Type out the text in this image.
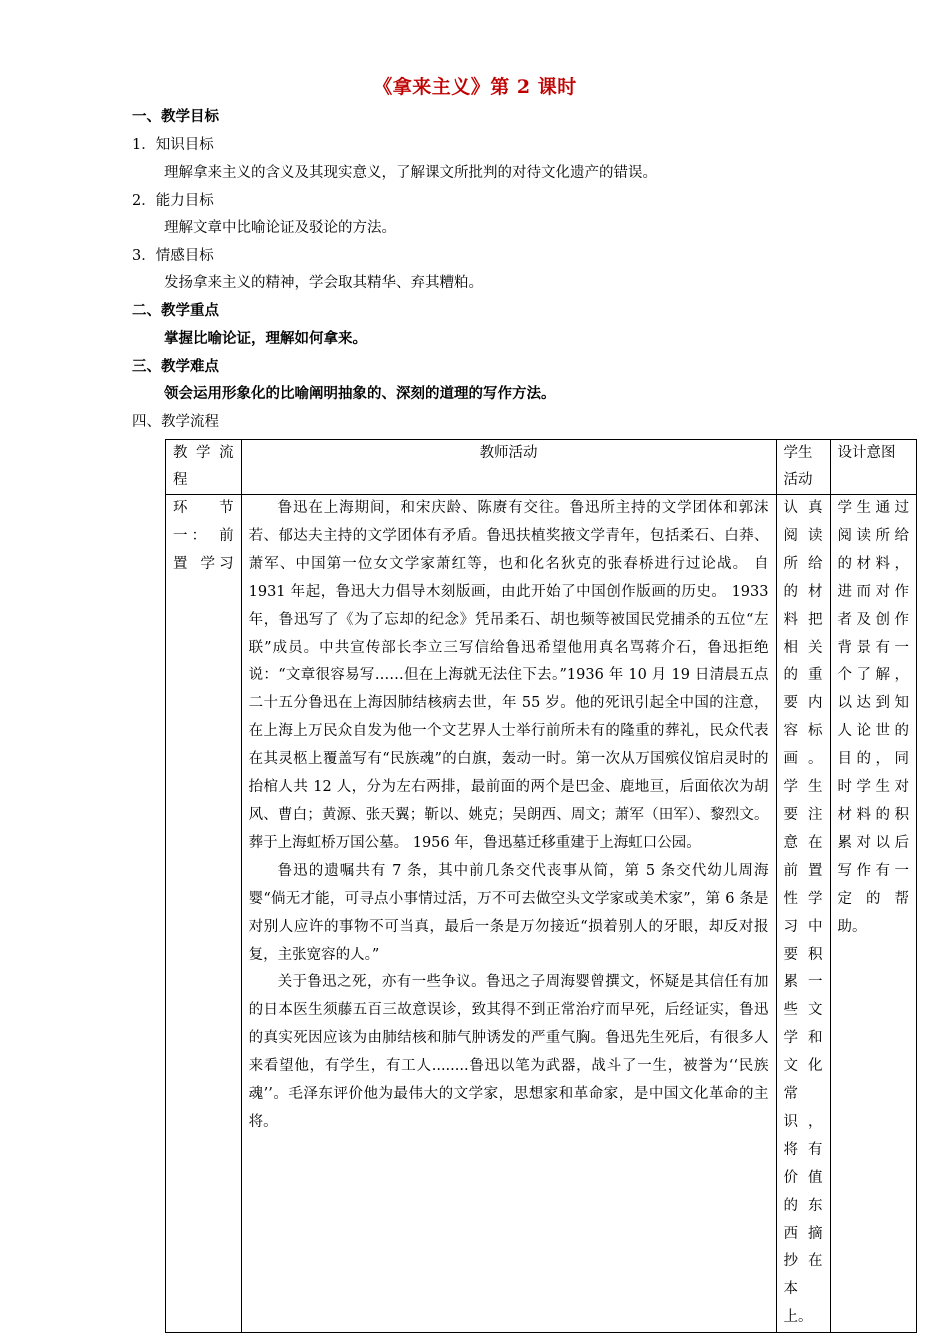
《拿来主义》第 2 课时
一、教学目标
1．知识目标
理解拿来主义的含义及其现实意义，了解课文所批判的对待文化遗产的错误。
2．能力目标
理解文章中比喻论证及驳论的方法。
3．情感目标
发扬拿来主义的精神，学会取其精华、弃其糟粕。
二、教学重点
掌握比喻论证，理解如何拿来。
三、教学难点
领会运用形象化的比喻阐明抽象的、深刻的道理的写作方法。
四、教学流程
教 学 流 程	教师活动	学生活动	设计意图

环 节 一： 前置 学习	鲁迅在上海期间，和宋庆龄、陈赓有交往。鲁迅所主持的文学团体和郭沫若、郁达夫主持的文学团体有矛盾。鲁迅扶植奖掖文学青年，包括柔石、白莽、萧军、中国第一位女文学家萧红等，也和化名狄克的张春桥进行过论战。 自 1931 年起，鲁迅大力倡导木刻版画，由此开始了中国创作版画的历史。 1933 年，鲁迅写了《为了忘却的纪念》凭吊柔石、胡也频等被国民党捕杀的五位“左联”成员。中共宣传部长李立三写信给鲁迅希望他用真名骂蒋介石，鲁迅拒绝说：“文章很容易写……但在上海就无法住下去。”1936 年 10 月 19 日清晨五点二十五分鲁迅在上海因肺结核病去世，年 55 岁。他的死讯引起全中国的注意，在上海上万民众自发为他一个文艺界人士举行前所未有的隆重的葬礼，民众代表在其灵柩上覆盖写有“民族魂”的白旗，轰动一时。第一次从万国殡仪馆启灵时的抬棺人共 12 人，分为左右两排，最前面的两个是巴金、鹿地亘，后面依次为胡风、曹白；黄源、张天翼；靳以、姚克；吴朗西、周文；萧军（田军）、黎烈文。葬于上海虹桥万国公墓。 1956 年，鲁迅墓迁移重建于上海虹口公园。

鲁迅的遗嘱共有 7 条，其中前几条交代丧事从简，第 5 条交代幼儿周海婴“倘无才能，可寻点小事情过活，万不可去做空头文学家或美术家”，第 6 条是对别人应许的事物不可当真，最后一条是万勿接近“损着别人的牙眼，却反对报复，主张宽容的人。”

关于鲁迅之死，亦有一些争议。鲁迅之子周海婴曾撰文，怀疑是其信任有加的日本医生须藤五百三故意误诊，致其得不到正常治疗而早死，后经证实，鲁迅的真实死因应该为由肺结核和肺气肿诱发的严重气胸。鲁迅先生死后，有很多人来看望他，有学生，有工人........鲁迅以笔为武器，战斗了一生，被誉为‘‘民族魂’’。毛泽东评价他为最伟大的文学家，思想家和革命家，是中国文化革命的主将。	认真阅读所给的材料把相关的重要内容标画。学生要注意在前置性学习中要积累一些文学和文化常识，将有价值的东西摘抄在本上。	学生通过阅读所给的材料，进而对作者及创作背景有一个了解，以达到知人论世的目的，同时学生对材料的积累对以后写作有一定的帮助。
